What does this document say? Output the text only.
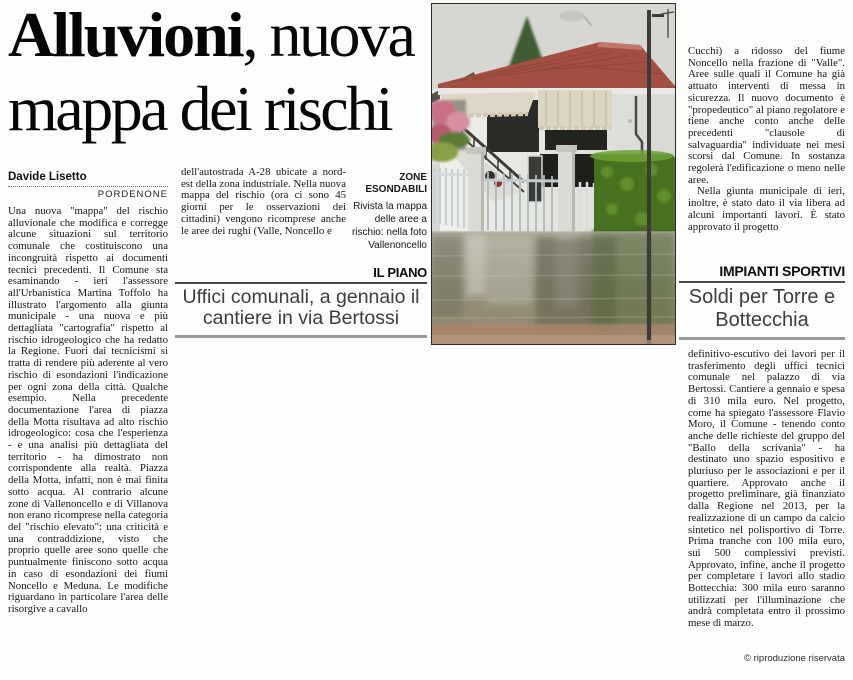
Alluvioni, nuova
mappa dei rischi
Davide Lisetto
PORDENONE

Una nuova "mappa" del rischio alluvionale che modifica e corregge alcune situazioni sul territorio comunale che costituiscono una incongruità rispetto ai documenti tecnici precedenti. Il Comune sta esaminando - ieri l'assessore all'Urbanistica Martina Toffolo ha illustrato l'argomento alla giunta municipale - una nuova e più dettagliata "cartografia" rispetto al rischio idrogeologico che ha redatto la Regione. Fuori dai tecnicismi si tratta di rendere più aderente al vero rischio di esondazioni l'indicazione per ogni zona della città. Qualche esempio. Nella precedente documentazione l'area di piazza della Motta risultava ad alto rischio idrogeologico: cosa che l'esperienza - e una analisi più dettagliata del territorio - ha dimostrato non corrispondente alla realtà. Piazza della Motta, infatti, non è mai finita sotto acqua. Al contrario alcune zone di Vallenoncello e di Villanova non erano ricomprese nella categoria del "rischio elevato": una criticità e una contraddizione, visto che proprio quelle aree sono quelle che puntualmente finiscono sotto acqua in caso di esondazioni dei fiumi Noncello e Meduna. Le modifiche riguardano in particolare l'area delle risorgive a cavallo

dell'autostrada A-28 ubicate a nord-est della zona industriale. Nella nuova mappa del rischio (ora ci sono 45 giorni per le osservazioni dei cittadini) vengono ricomprese anche le aree dei rughi (Valle, Noncello e

IL PIANO
Uffici comunali, a gennaio il cantiere in via Bertossi
ZONE ESONDABILI
Rivista la mappa delle aree a rischio: nella foto Vallenoncello

Cucchi) a ridosso del fiume Noncello nella frazione di "Valle". Aree sulle quali il Comune ha già attuato interventi di messa in sicurezza. Il nuovo documento è "propedeutico" al piano regolatore e tiene anche conto anche delle precedenti "clausole di salvaguardia" individuate nei mesi scorsi dal Comune. In sostanza regolerà l'edificazione o meno nelle aree.

Nella giunta municipale di ieri, inoltre, è stato dato il via libera ad alcuni importanti lavori. È stato approvato il progetto

IMPIANTI SPORTIVI
Soldi per Torre e Bottecchia

definitivo-escutivo dei lavori per il trasferimento degli uffici tecnici comunale nel palazzo di via Bertossi. Cantiere a gennaio e spesa di 310 mila euro. Nel progetto, come ha spiegato l'assessore Flavio Moro, il Comune - tenendo conto anche delle richieste del gruppo del "Ballo della scrivania" - ha destinato uno spazio espositivo e pluriuso per le associazioni e per il quartiere. Approvato anche il progetto preliminare, già finanziato dalla Regione nel 2013, per la realizzazione di un campo da calcio sintetico nel polisportivo di Torre. Prima tranche con 100 mila euro, sui 500 complessivi previsti. Approvato, infine, anche il progetto per completare i lavori allo stadio Bottecchia: 300 mila euro saranno utilizzati per l'illuminazione che andrà completata entro il prossimo mese di marzo.

© riproduzione riservata
